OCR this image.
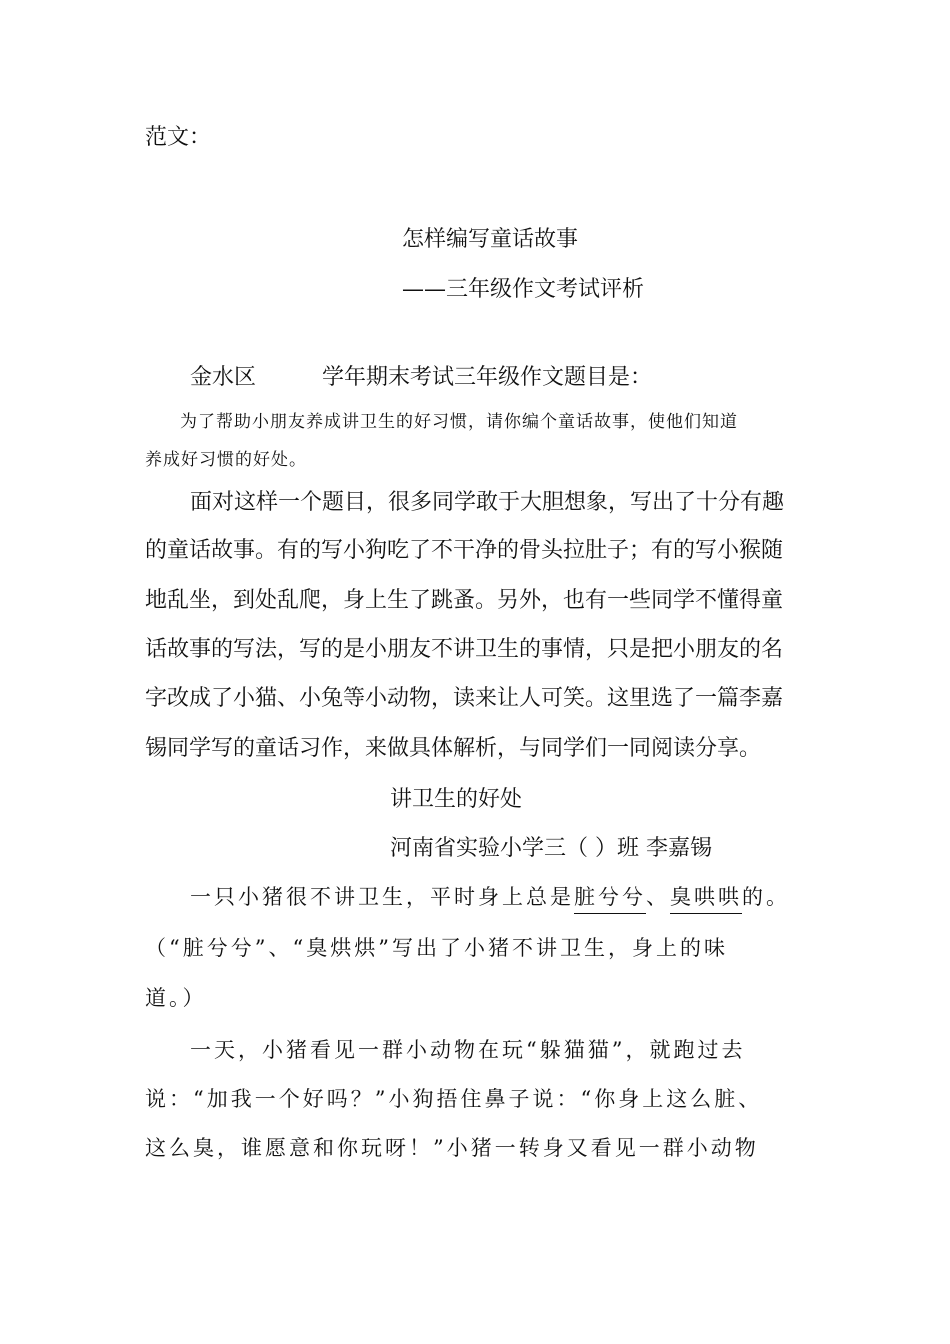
范文：
怎样编写童话故事
——三年级作文考试评析
金水区	学年期末考试三年级作文题目是：
为了帮助小朋友养成讲卫生的好习惯，请你编个童话故事，使他们知道
养成好习惯的好处。
面对这样一个题目，很多同学敢于大胆想象，写出了十分有趣
的童话故事。有的写小狗吃了不干净的骨头拉肚子；有的写小猴随
地乱坐，到处乱爬，身上生了跳蚤。另外，也有一些同学不懂得童
话故事的写法，写的是小朋友不讲卫生的事情，只是把小朋友的名
字改成了小猫、小兔等小动物，读来让人可笑。这里选了一篇李嘉
锡同学写的童话习作，来做具体解析，与同学们一同阅读分享。
讲卫生的好处
河南省实验小学三（ ）班 李嘉锡
一只小猪很不讲卫生，平时身上总是脏兮兮、臭哄哄的。
（“脏兮兮”、“臭烘烘”写出了小猪不讲卫生，身上的味
道。）
一天，小猪看见一群小动物在玩“躲猫猫”，就跑过去
说：“加我一个好吗？”小狗捂住鼻子说：“你身上这么脏、
这么臭，谁愿意和你玩呀！”小猪一转身又看见一群小动物
